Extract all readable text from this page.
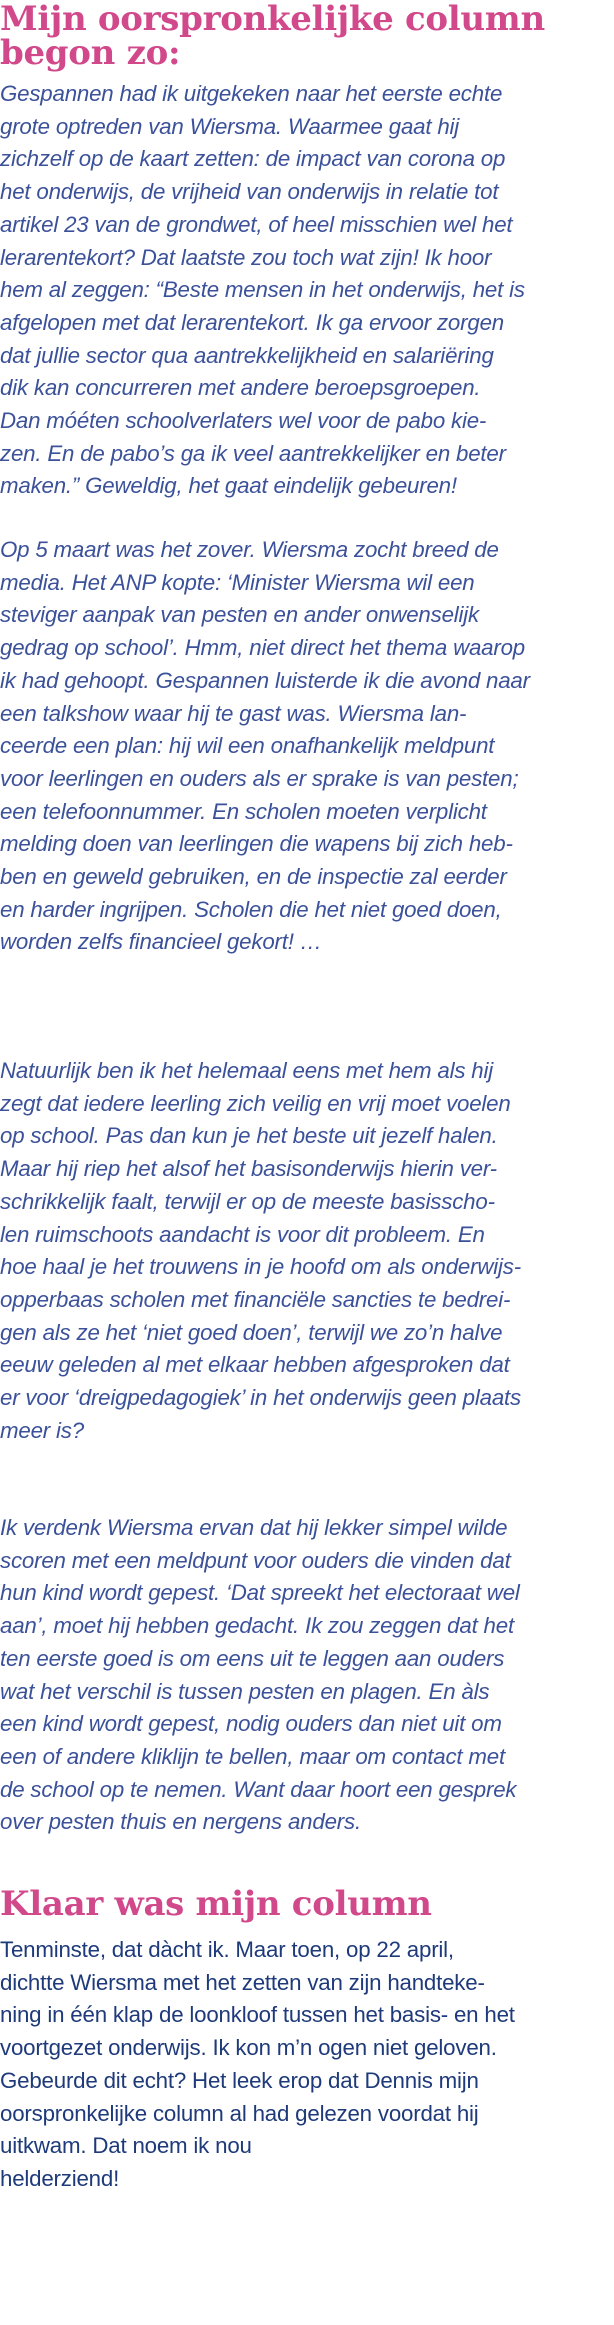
Mijn oorspronkelijke column
begon zo:

Gespannen had ik uitgekeken naar het eerste echte
grote optreden van Wiersma. Waarmee gaat hij
zichzelf op de kaart zetten: de impact van corona op
het onderwijs, de vrijheid van onderwijs in relatie tot
artikel 23 van de grondwet, of heel misschien wel het
lerarentekort? Dat laatste zou toch wat zijn! Ik hoor
hem al zeggen: “Beste mensen in het onderwijs, het is
afgelopen met dat lerarentekort. Ik ga ervoor zorgen
dat jullie sector qua aantrekkelijkheid en salariëring
dik kan concurreren met andere beroepsgroepen.
Dan móéten schoolverlaters wel voor de pabo kie-
zen. En de pabo’s ga ik veel aantrekkelijker en beter
maken.” Geweldig, het gaat eindelijk gebeuren!

Op 5 maart was het zover. Wiersma zocht breed de
media. Het ANP kopte: ‘Minister Wiersma wil een
steviger aanpak van pesten en ander onwenselijk
gedrag op school’. Hmm, niet direct het thema waarop
ik had gehoopt. Gespannen luisterde ik die avond naar
een talkshow waar hij te gast was. Wiersma lan-
ceerde een plan: hij wil een onafhankelijk meldpunt
voor leerlingen en ouders als er sprake is van pesten;
een telefoonnummer. En scholen moeten verplicht
melding doen van leerlingen die wapens bij zich heb-
ben en geweld gebruiken, en de inspectie zal eerder
en harder ingrijpen. Scholen die het niet goed doen,
worden zelfs financieel gekort! …

Natuurlijk ben ik het helemaal eens met hem als hij
zegt dat iedere leerling zich veilig en vrij moet voelen
op school. Pas dan kun je het beste uit jezelf halen.
Maar hij riep het alsof het basisonderwijs hierin ver-
schrikkelijk faalt, terwijl er op de meeste basisscho-
len ruimschoots aandacht is voor dit probleem. En
hoe haal je het trouwens in je hoofd om als onderwijs-
opperbaas scholen met financiële sancties te bedrei-
gen als ze het ‘niet goed doen’, terwijl we zo’n halve
eeuw geleden al met elkaar hebben afgesproken dat
er voor ‘dreigpedagogiek’ in het onderwijs geen plaats
meer is?

Ik verdenk Wiersma ervan dat hij lekker simpel wilde
scoren met een meldpunt voor ouders die vinden dat
hun kind wordt gepest. ‘Dat spreekt het electoraat wel
aan’, moet hij hebben gedacht. Ik zou zeggen dat het
ten eerste goed is om eens uit te leggen aan ouders
wat het verschil is tussen pesten en plagen. En àls
een kind wordt gepest, nodig ouders dan niet uit om
een of andere kliklijn te bellen, maar om contact met
de school op te nemen. Want daar hoort een gesprek
over pesten thuis en nergens anders.

Klaar was mijn column

Tenminste, dat dàcht ik. Maar toen, op 22 april,
dichtte Wiersma met het zetten van zijn handteke-
ning in één klap de loonkloof tussen het basis- en het
voortgezet onderwijs. Ik kon m’n ogen niet geloven.
Gebeurde dit echt? Het leek erop dat Dennis mijn
oorspronkelijke column al had gelezen voordat hij
uitkwam. Dat noem ik nou
helderziend!
